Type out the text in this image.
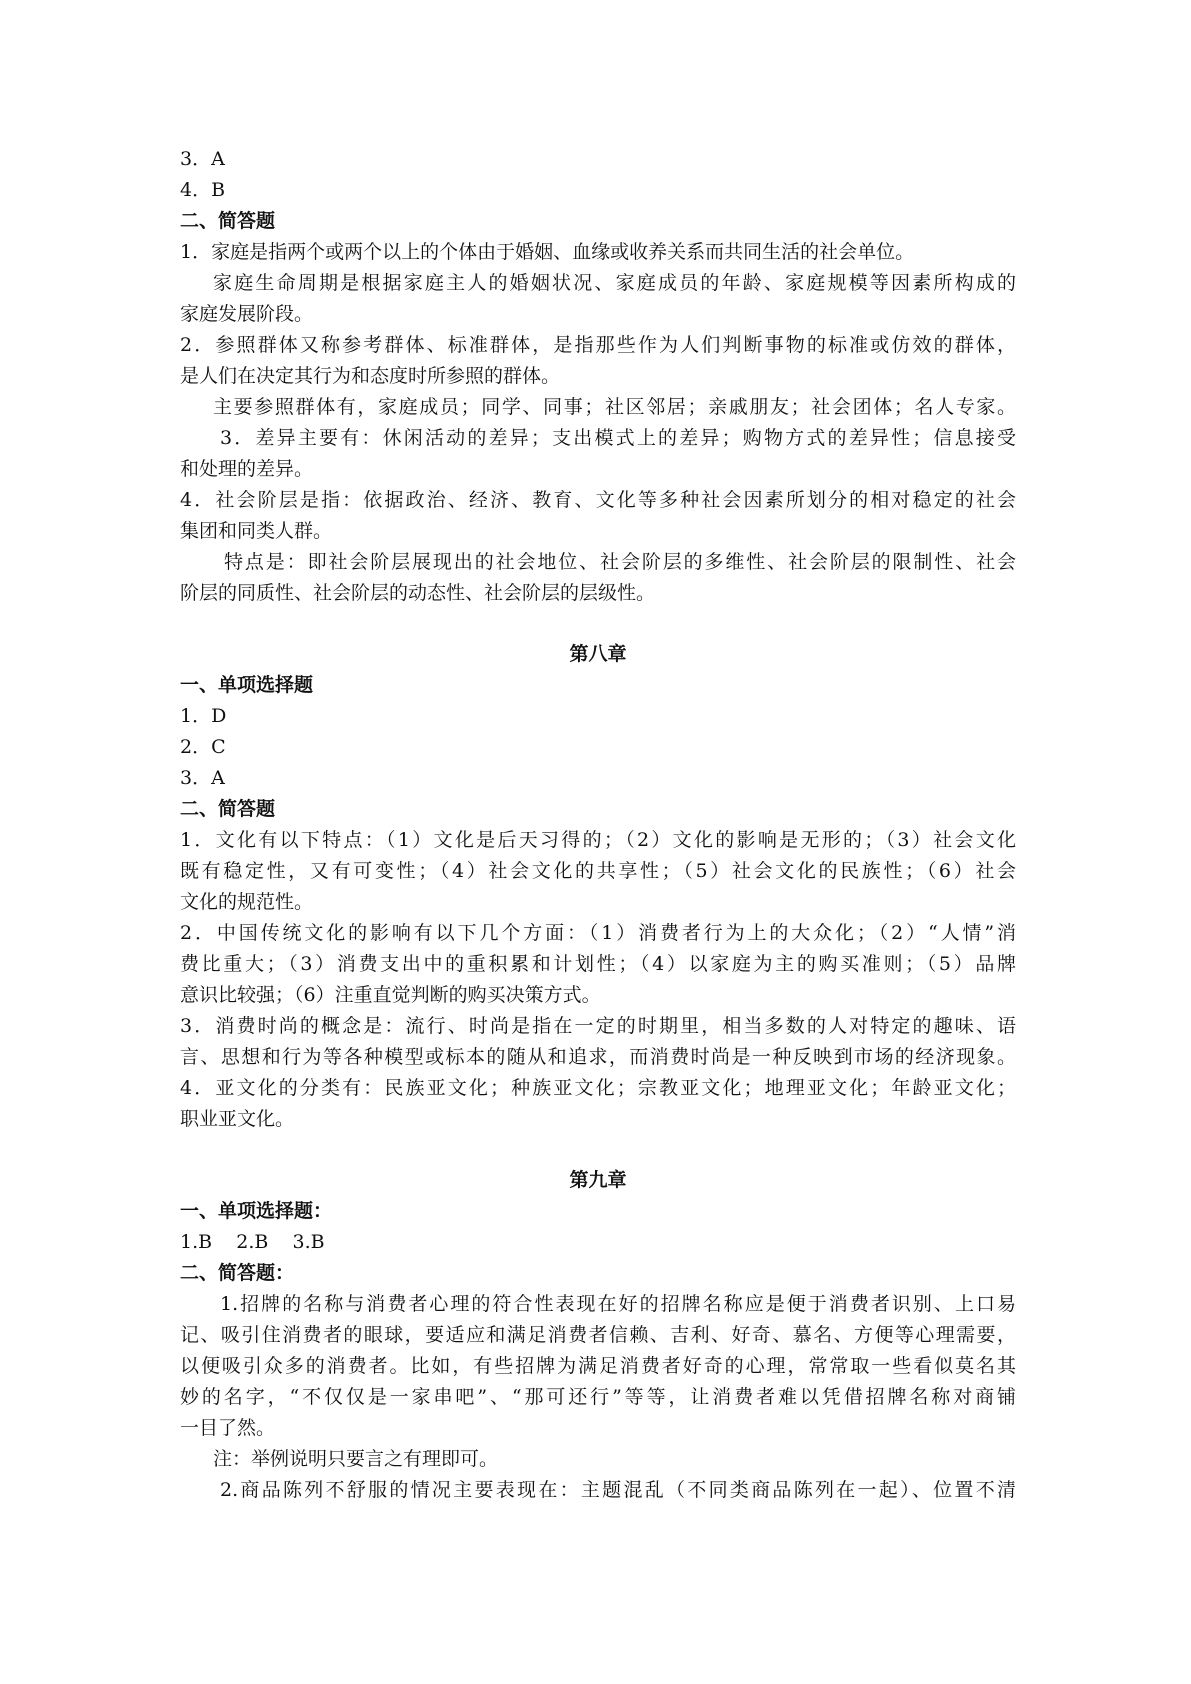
3．A
4．B
二、简答题
1．家庭是指两个或两个以上的个体由于婚姻、血缘或收养关系而共同生活的社会单位。
家庭生命周期是根据家庭主人的婚姻状况、家庭成员的年龄、家庭规模等因素所构成的
家庭发展阶段。
2．参照群体又称参考群体、标准群体，是指那些作为人们判断事物的标准或仿效的群体，
是人们在决定其行为和态度时所参照的群体。
主要参照群体有，家庭成员；同学、同事；社区邻居；亲戚朋友；社会团体；名人专家。
3．差异主要有：休闲活动的差异；支出模式上的差异；购物方式的差异性；信息接受
和处理的差异。
4．社会阶层是指：依据政治、经济、教育、文化等多种社会因素所划分的相对稳定的社会
集团和同类人群。
特点是：即社会阶层展现出的社会地位、社会阶层的多维性、社会阶层的限制性、社会
阶层的同质性、社会阶层的动态性、社会阶层的层级性。
第八章
一、单项选择题
1．D
2．C
3．A
二、简答题
1．文化有以下特点：（1）文化是后天习得的；（2）文化的影响是无形的；（3）社会文化
既有稳定性，又有可变性；（4）社会文化的共享性；（5）社会文化的民族性；（6）社会
文化的规范性。
2．中国传统文化的影响有以下几个方面：（1）消费者行为上的大众化；（2）“人情”消
费比重大；（3）消费支出中的重积累和计划性；（4）以家庭为主的购买准则；（5）品牌
意识比较强；（6）注重直觉判断的购买决策方式。
3．消费时尚的概念是：流行、时尚是指在一定的时期里，相当多数的人对特定的趣味、语
言、思想和行为等各种模型或标本的随从和追求，而消费时尚是一种反映到市场的经济现象。
4．亚文化的分类有：民族亚文化；种族亚文化；宗教亚文化；地理亚文化；年龄亚文化；
职业亚文化。
第九章
一、单项选择题：
1.B    2.B    3.B
二、简答题：
1.招牌的名称与消费者心理的符合性表现在好的招牌名称应是便于消费者识别、上口易
记、吸引住消费者的眼球，要适应和满足消费者信赖、吉利、好奇、慕名、方便等心理需要，
以便吸引众多的消费者。比如，有些招牌为满足消费者好奇的心理，常常取一些看似莫名其
妙的名字，“不仅仅是一家串吧”、“那可还行”等等，让消费者难以凭借招牌名称对商铺
一目了然。
注：举例说明只要言之有理即可。
2.商品陈列不舒服的情况主要表现在：主题混乱（不同类商品陈列在一起）、位置不清
